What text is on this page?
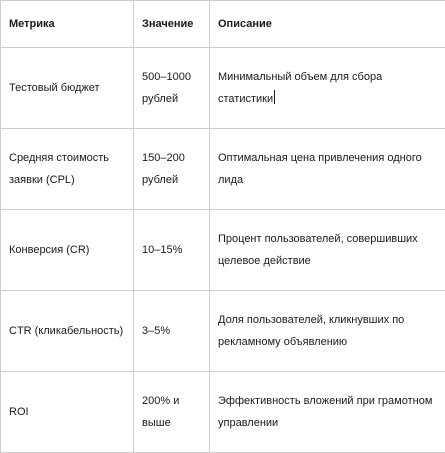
Метрика	Значение	Описание

Тестовый бюджет	500–1000 рублей	Минимальный объем для сбора статистики

Средняя стоимость заявки (CPL)	150–200 рублей	Оптимальная цена привлечения одного лида

Конверсия (CR)	10–15%	Процент пользователей, совершивших целевое действие

CTR (кликабельность)	3–5%	Доля пользователей, кликнувших по рекламному объявлению

ROI	200% и выше	Эффективность вложений при грамотном управлении
